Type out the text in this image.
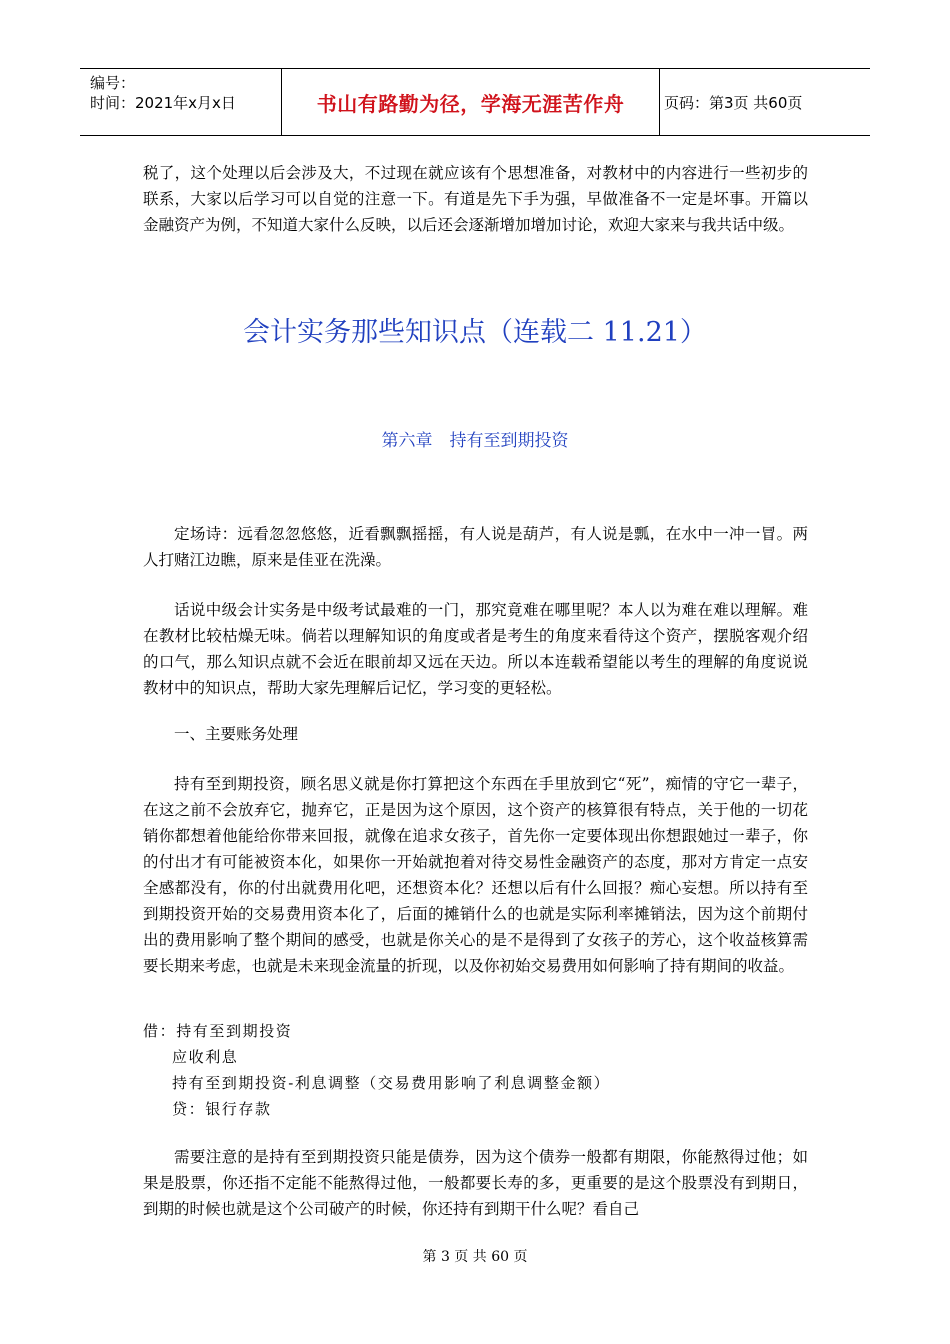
编号：
时间：2021年x月x日	书山有路勤为径，学海无涯苦作舟	页码：第3页 共60页

税了，这个处理以后会涉及大，不过现在就应该有个思想准备，对教材中的内容进行一些初步的联系，大家以后学习可以自觉的注意一下。有道是先下手为强，早做准备不一定是坏事。开篇以金融资产为例，不知道大家什么反映，以后还会逐渐增加增加讨论，欢迎大家来与我共话中级。

会计实务那些知识点（连载二 11.21）
第六章　持有至到期投资

定场诗：远看忽忽悠悠，近看飘飘摇摇，有人说是葫芦，有人说是瓢，在水中一冲一冒。两人打赌江边瞧，原来是佳亚在洗澡。

话说中级会计实务是中级考试最难的一门，那究竟难在哪里呢？本人以为难在难以理解。难在教材比较枯燥无味。倘若以理解知识的角度或者是考生的角度来看待这个资产，摆脱客观介绍的口气，那么知识点就不会近在眼前却又远在天边。所以本连载希望能以考生的理解的角度说说教材中的知识点，帮助大家先理解后记忆，学习变的更轻松。

一、主要账务处理

持有至到期投资，顾名思义就是你打算把这个东西在手里放到它“死”，痴情的守它一辈子，在这之前不会放弃它，抛弃它，正是因为这个原因，这个资产的核算很有特点，关于他的一切花销你都想着他能给你带来回报，就像在追求女孩子，首先你一定要体现出你想跟她过一辈子，你的付出才有可能被资本化，如果你一开始就抱着对待交易性金融资产的态度，那对方肯定一点安全感都没有，你的付出就费用化吧，还想资本化？还想以后有什么回报？痴心妄想。所以持有至到期投资开始的交易费用资本化了，后面的摊销什么的也就是实际利率摊销法，因为这个前期付出的费用影响了整个期间的感受，也就是你关心的是不是得到了女孩子的芳心，这个收益核算需要长期来考虑，也就是未来现金流量的折现，以及你初始交易费用如何影响了持有期间的收益。

借：持有至到期投资
应收利息
持有至到期投资-利息调整（交易费用影响了利息调整金额）
贷：银行存款

需要注意的是持有至到期投资只能是债券，因为这个债券一般都有期限，你能熬得过他；如果是股票，你还指不定能不能熬得过他，一般都要长寿的多，更重要的是这个股票没有到期日，到期的时候也就是这个公司破产的时候，你还持有到期干什么呢？看自己

第 3 页 共 60 页
